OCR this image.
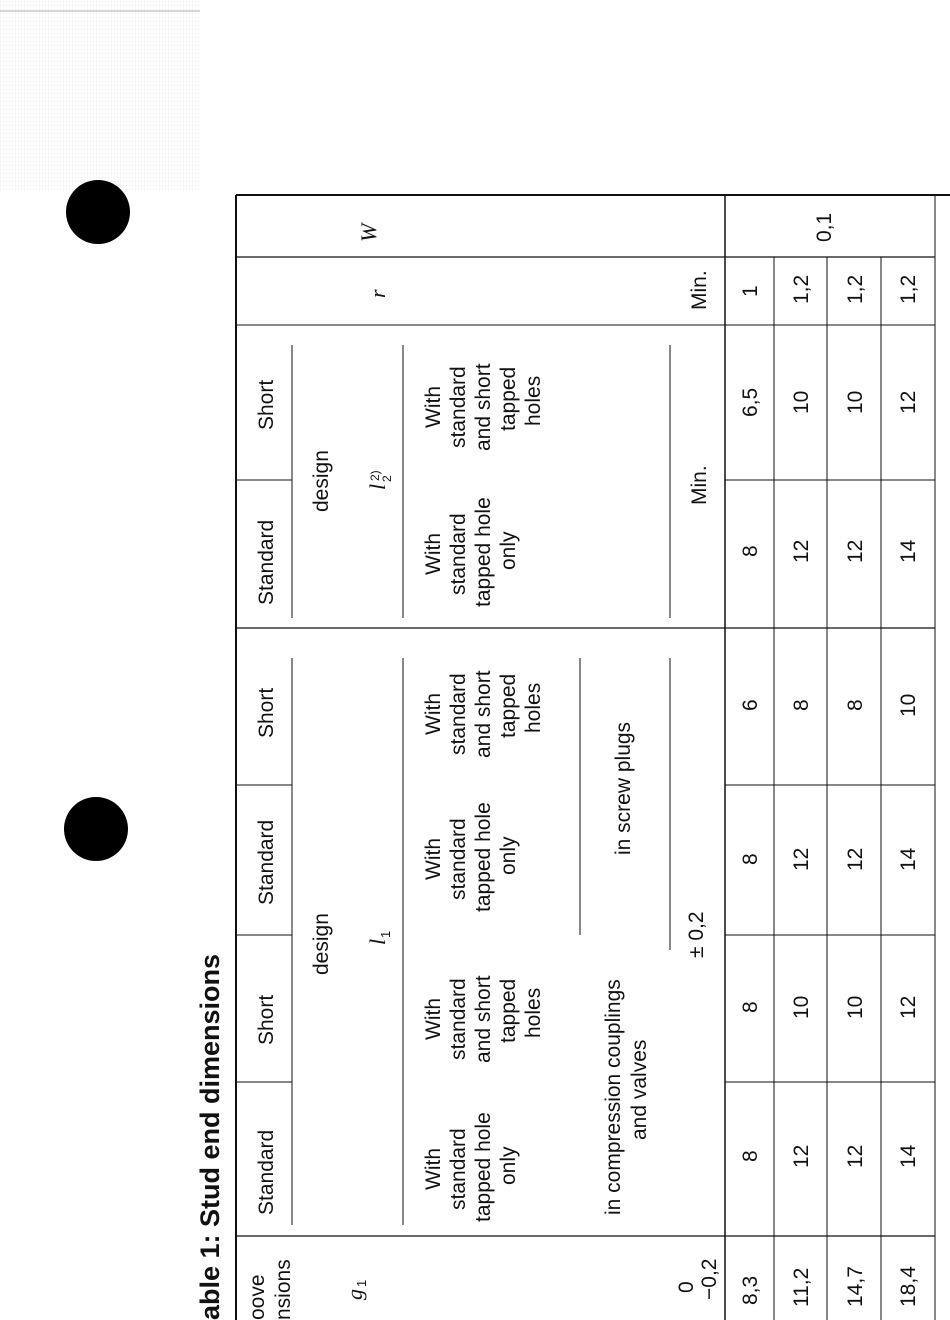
able 1: Stud end dimensions oove nsions g
1	0 −0,2
Standard
Short
Standard
Short
design l
1
With standard tapped hole only
With standard and short tapped holes
With standard tapped hole only
With standard and short tapped holes
in compression couplings and valves
in screw plugs
± 0,2
Standard
Short
design l
2
2)
With standard tapped hole only
With standard and short tapped holes
Min.
r	Min.
W
8,3
8
8
8
6
8
6,5
1
11,2
12
10
12
8
12
10
1,2
14,7
12
10
12
8
12
10
1,2
18,4
14
12
14
10
14
12
1,2
0,1
